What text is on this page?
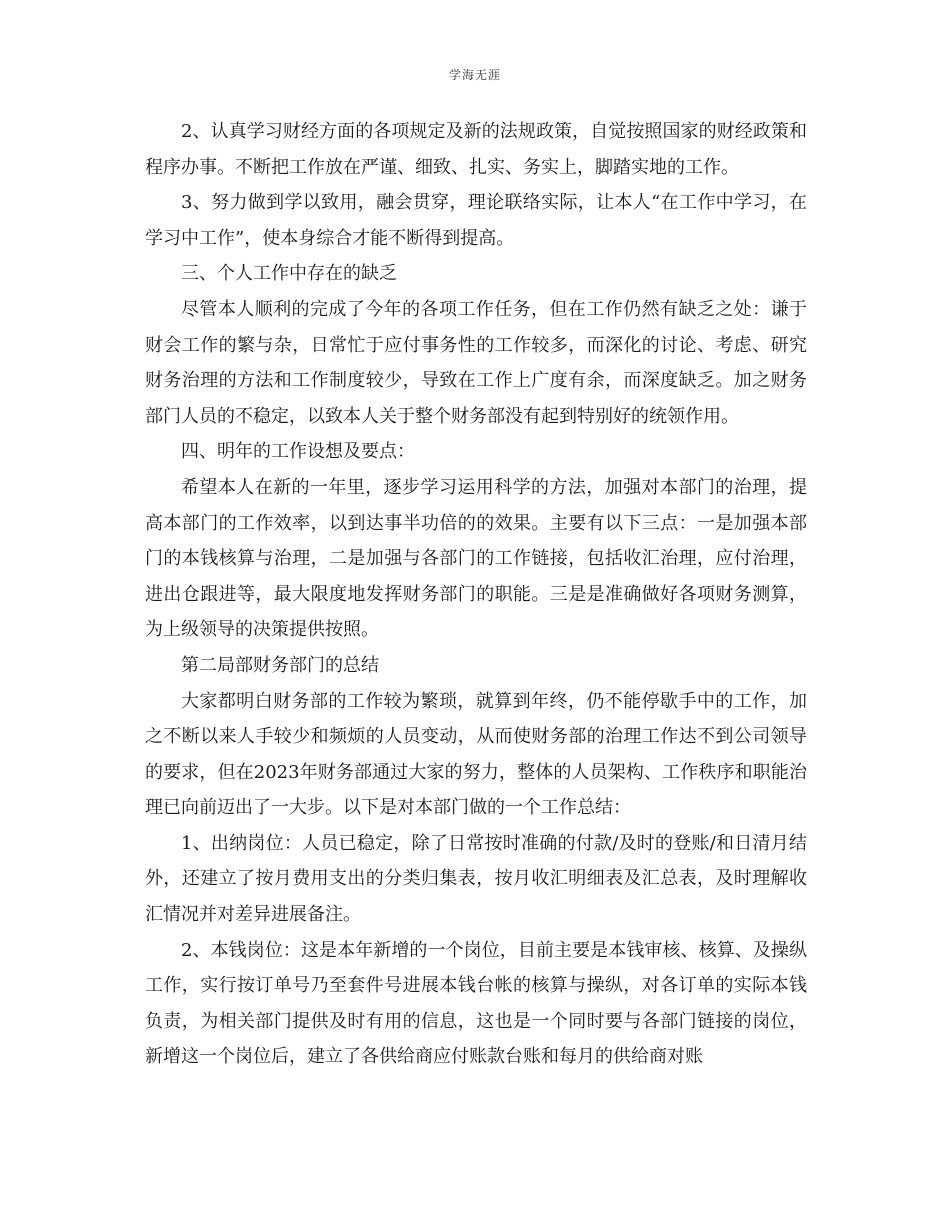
学海无涯

2、认真学习财经方面的各项规定及新的法规政策，自觉按照国家的财经政策和程序办事。不断把工作放在严谨、细致、扎实、务实上，脚踏实地的工作。

3、努力做到学以致用，融会贯穿，理论联络实际，让本人“在工作中学习，在学习中工作”，使本身综合才能不断得到提高。

三、个人工作中存在的缺乏

尽管本人顺利的完成了今年的各项工作任务，但在工作仍然有缺乏之处：谦于财会工作的繁与杂，日常忙于应付事务性的工作较多，而深化的讨论、考虑、研究财务治理的方法和工作制度较少，导致在工作上广度有余，而深度缺乏。加之财务部门人员的不稳定，以致本人关于整个财务部没有起到特别好的统领作用。

四、明年的工作设想及要点：

希望本人在新的一年里，逐步学习运用科学的方法，加强对本部门的治理，提高本部门的工作效率，以到达事半功倍的的效果。主要有以下三点：一是加强本部门的本钱核算与治理，二是加强与各部门的工作链接，包括收汇治理，应付治理，进出仓跟进等，最大限度地发挥财务部门的职能。三是是准确做好各项财务测算，为上级领导的决策提供按照。

第二局部财务部门的总结

大家都明白财务部的工作较为繁琐，就算到年终，仍不能停歇手中的工作，加之不断以来人手较少和频烦的人员变动，从而使财务部的治理工作达不到公司领导的要求，但在2023年财务部通过大家的努力，整体的人员架构、工作秩序和职能治理已向前迈出了一大步。以下是对本部门做的一个工作总结：

1、出纳岗位：人员已稳定，除了日常按时准确的付款/及时的登账/和日清月结外，还建立了按月费用支出的分类归集表，按月收汇明细表及汇总表，及时理解收汇情况并对差异进展备注。

2、本钱岗位：这是本年新增的一个岗位，目前主要是本钱审核、核算、及操纵工作，实行按订单号乃至套件号进展本钱台帐的核算与操纵，对各订单的实际本钱负责，为相关部门提供及时有用的信息，这也是一个同时要与各部门链接的岗位，新增这一个岗位后，建立了各供给商应付账款台账和每月的供给商对账
